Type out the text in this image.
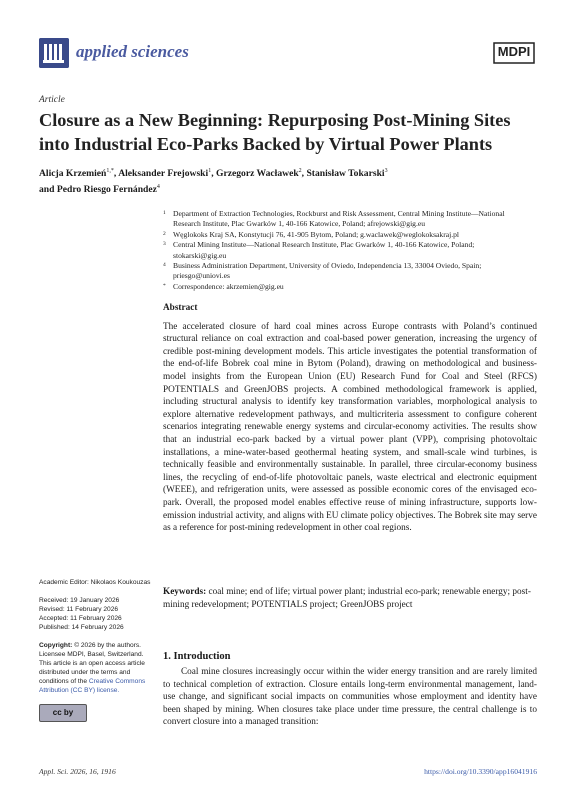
applied sciences	MDPI
Article
Closure as a New Beginning: Repurposing Post-Mining Sites into Industrial Eco-Parks Backed by Virtual Power Plants
Alicja Krzemień$^{1,*}$, Aleksander Frejowski$^1$, Grzegorz Wacławek$^2$, Stanisław Tokarski$^3$
and Pedro Riesgo Fernández$^4$
1 Department of Extraction Technologies, Rockburst and Risk Assessment, Central Mining Institute—National Research Institute, Plac Gwarków 1, 40-166 Katowice, Poland; afrejowski@gig.eu
2 Węglokoks Kraj SA, Konstytucji 76, 41-905 Bytom, Poland; g.waclawek@weglokoksakraj.pl
3 Central Mining Institute—National Research Institute, Plac Gwarków 1, 40-166 Katowice, Poland; stokarski@gig.eu
4 Business Administration Department, University of Oviedo, Independencia 13, 33004 Oviedo, Spain; priesgo@uniovi.es
* Correspondence: akrzemien@gig.eu
Abstract
The accelerated closure of hard coal mines across Europe contrasts with Poland’s continued structural reliance on coal extraction and coal-based power generation, increasing the urgency of credible post-mining development models. This article investigates the potential transformation of the end-of-life Bobrek coal mine in Bytom (Poland), drawing on methodological and business-model insights from the European Union (EU) Research Fund for Coal and Steel (RFCS) POTENTIALS and GreenJOBS projects. A combined methodological framework is applied, including structural analysis to identify key transformation variables, morphological analysis to explore alternative redevelopment pathways, and multicriteria assessment to configure coherent scenarios integrating renewable energy systems and circular-economy activities. The results show that an industrial eco-park backed by a virtual power plant (VPP), comprising photovoltaic installations, a mine-water-based geothermal heating system, and small-scale wind turbines, is technically feasible and environmentally sustainable. In parallel, three circular-economy business lines, the recycling of end-of-life photovoltaic panels, waste electrical and electronic equipment (WEEE), and refrigeration units, were assessed as possible economic cores of the envisaged eco-park. Overall, the proposed model enables effective reuse of mining infrastructure, supports low-emission industrial activity, and aligns with EU climate policy objectives. The Bobrek site may serve as a reference for post-mining redevelopment in other coal regions.
Keywords: coal mine; end of life; virtual power plant; industrial eco-park; renewable energy; post-mining redevelopment; POTENTIALS project; GreenJOBS project
Academic Editor: Nikolaos Koukouzas
Received: 19 January 2026
Revised: 11 February 2026
Accepted: 11 February 2026
Published: 14 February 2026
Copyright: © 2026 by the authors. Licensee MDPI, Basel, Switzerland. This article is an open access article distributed under the terms and conditions of the Creative Commons Attribution (CC BY) license.
cc by
1. Introduction
Coal mine closures increasingly occur within the wider energy transition and are rarely limited to technical completion of extraction. Closure entails long-term environmental management, land-use change, and significant social impacts on communities whose employment and identity have been shaped by mining. When closures take place under time pressure, the central challenge is to convert closure into a managed transition:
Appl. Sci. 2026, 16, 1916	https://doi.org/10.3390/app16041916
